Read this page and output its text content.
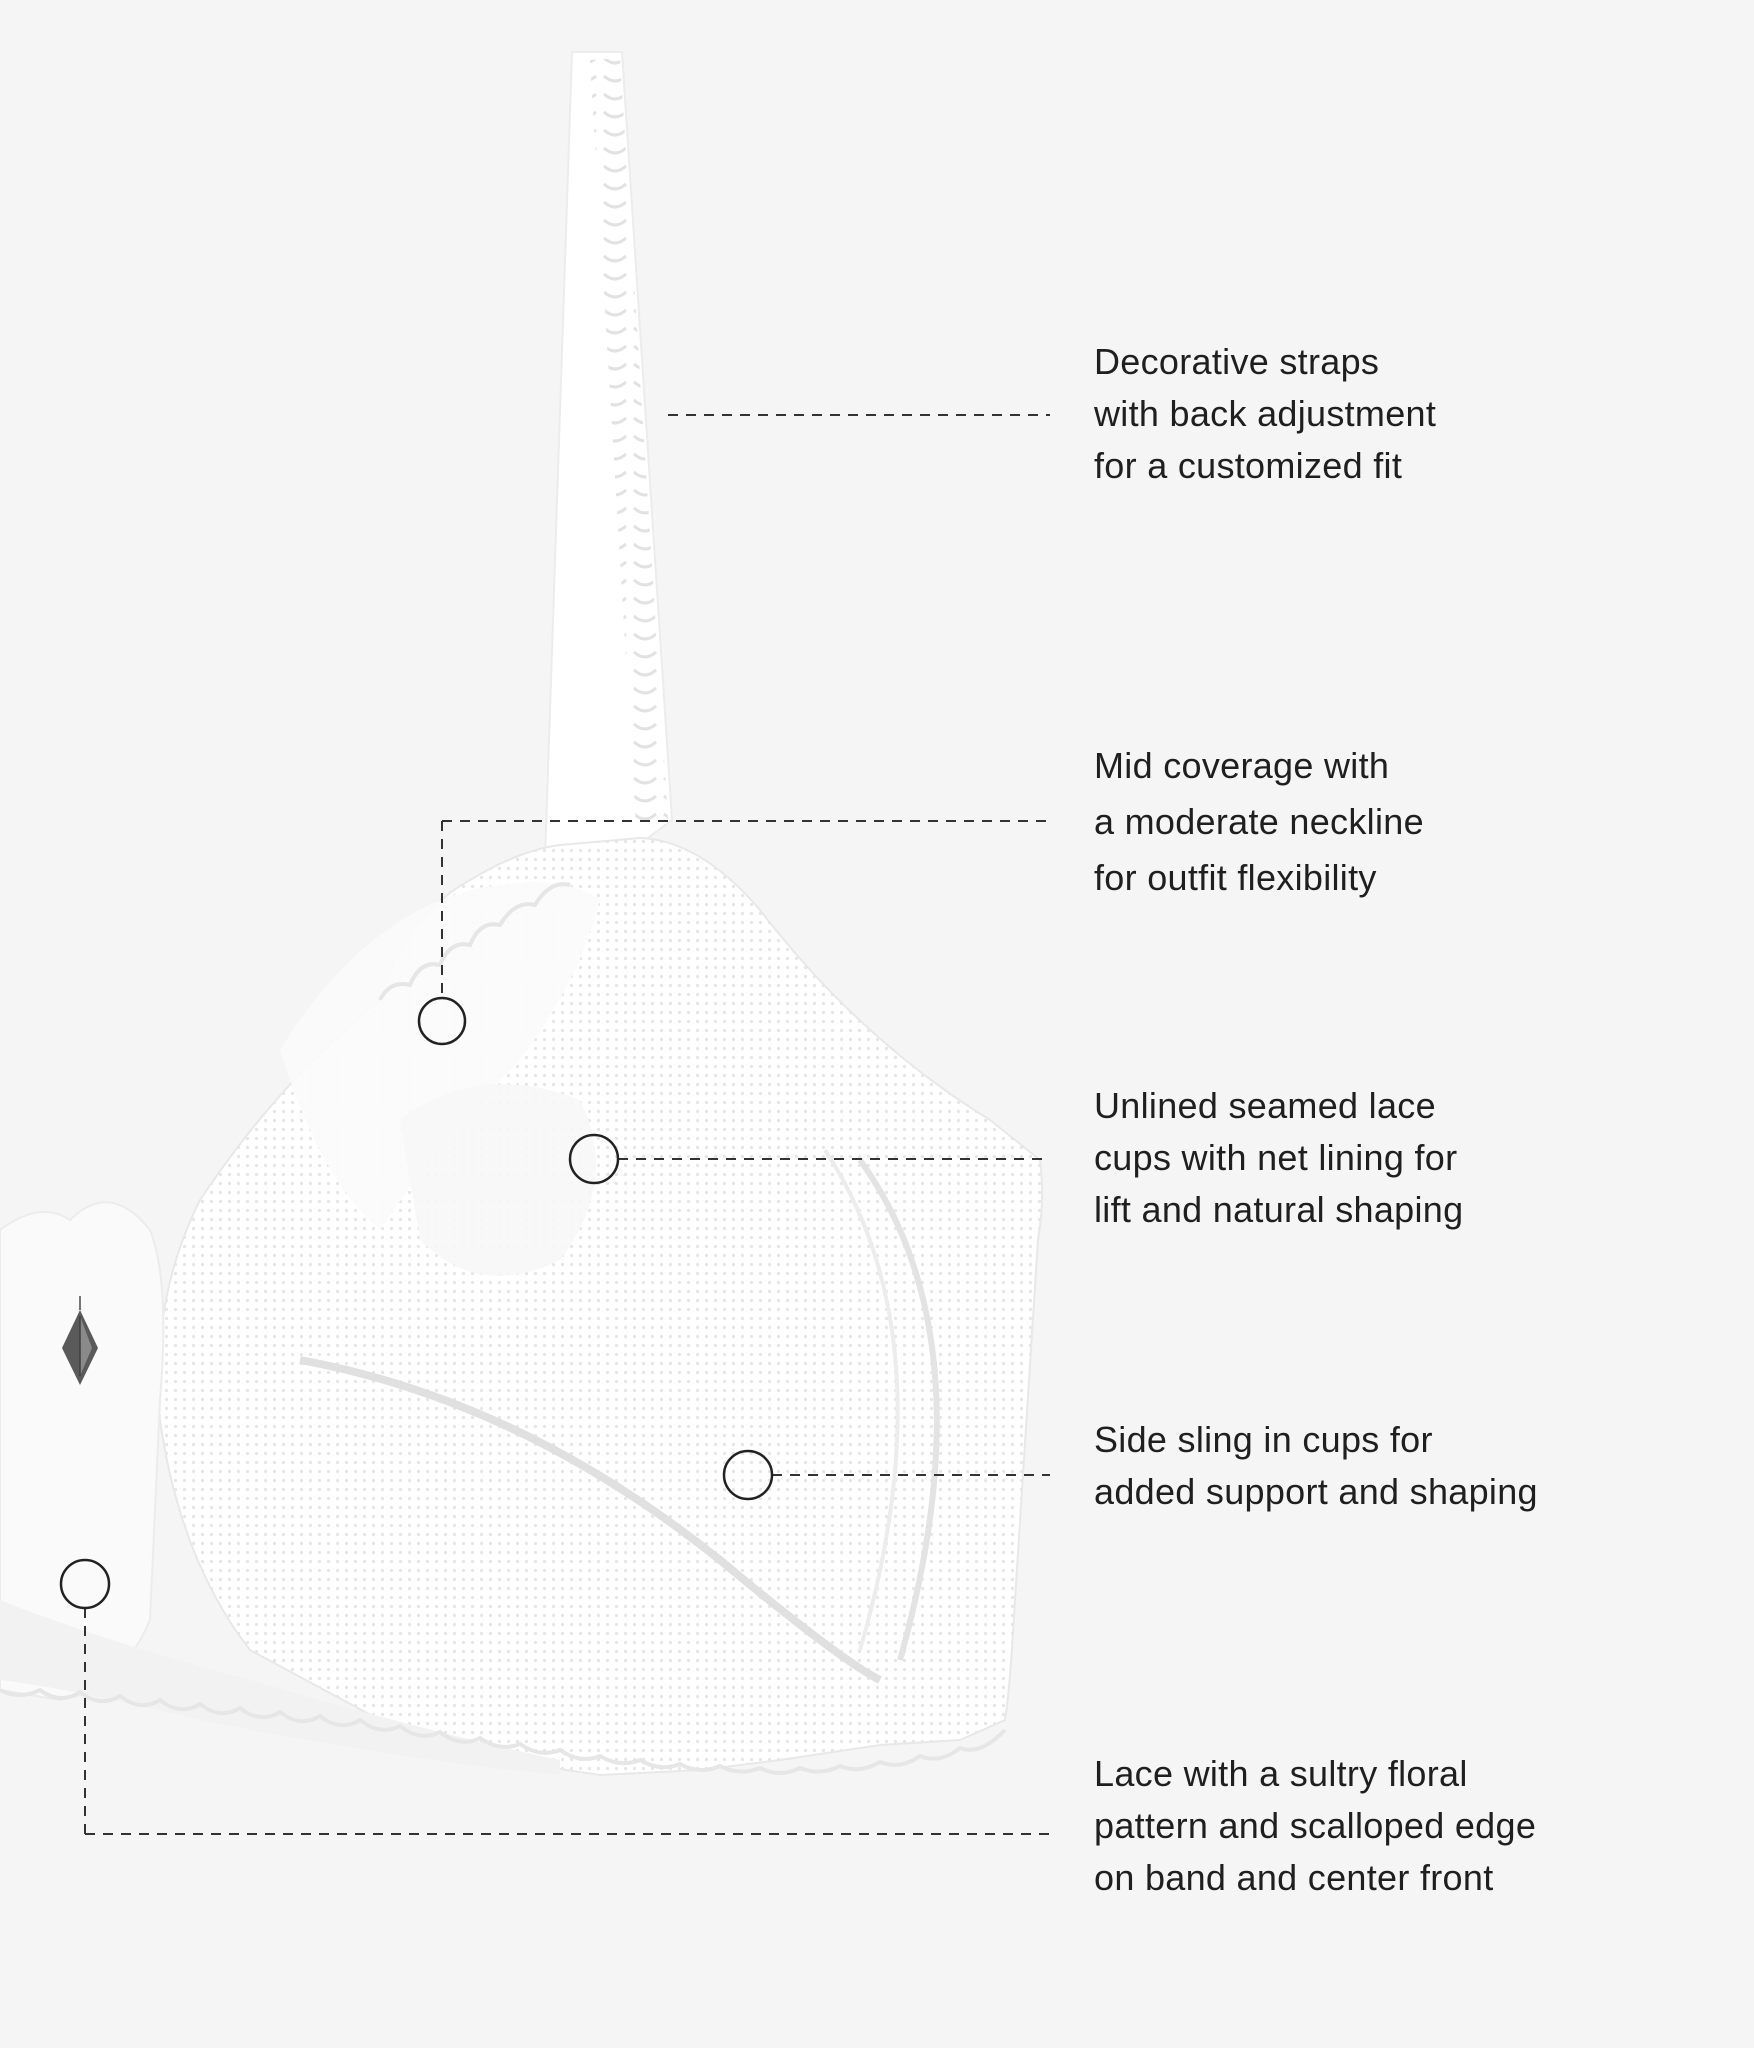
Decorative straps
with back adjustment
for a customized fit
Mid coverage with
a moderate neckline
for outfit flexibility
Unlined seamed lace
cups with net lining for
lift and natural shaping
Side sling in cups for
added support and shaping
Lace with a sultry floral
pattern and scalloped edge
on band and center front
